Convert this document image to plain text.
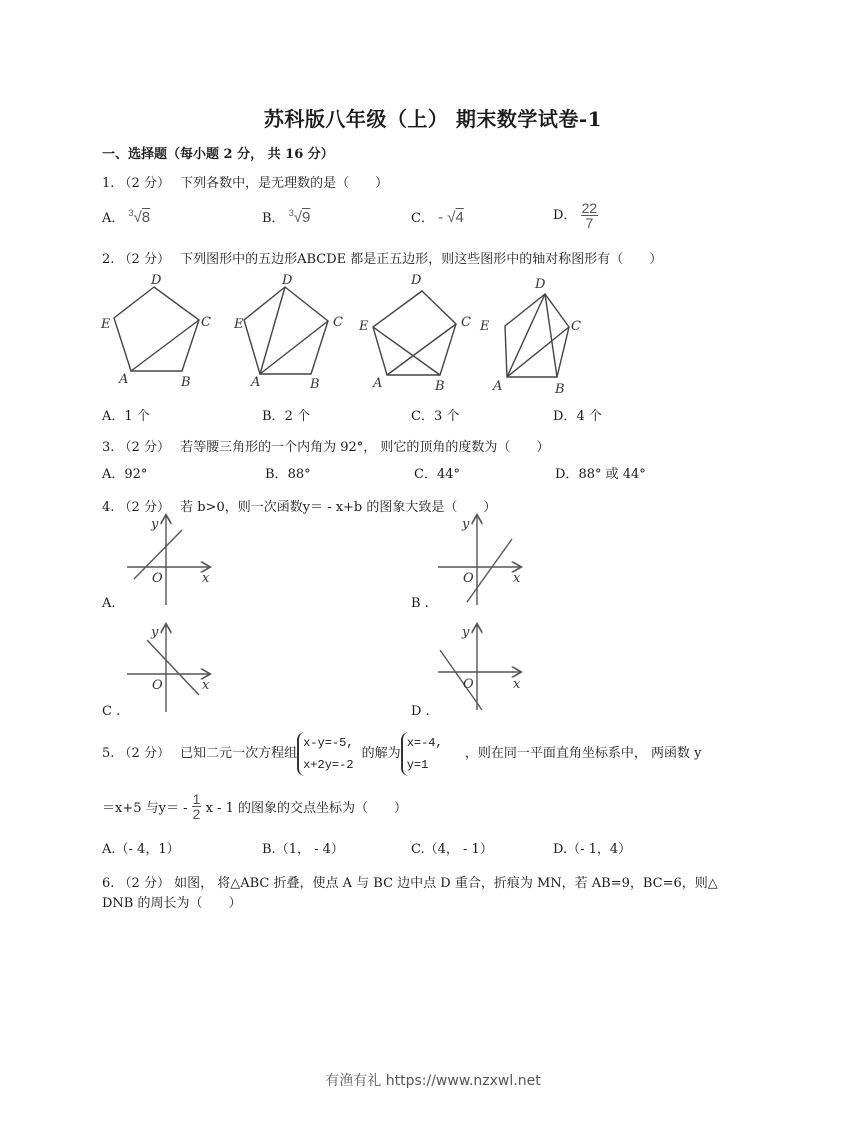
苏科版八年级（上） 期末数学试卷-1
一、选择题（每小题 2 分， 共 16 分）
1. （2 分） 下列各数中，是无理数的是（　　）
A． $^3$√8	B． $^3$√9	C． - √4	D． $\frac{22}{7}$
2. （2 分） 下列图形中的五边形ABCDE 都是正五边形，则这些图形中的轴对称图形有（　　）
D
E	C
A	B
D
E	C
A	B
D
E	C
A	B
D
E	C
A	B
A．1 个	B．2 个	C．3 个	D．4 个
3. （2 分） 若等腰三角形的一个内角为 92°， 则它的顶角的度数为（　　）
A．92°	B．88°	C．44°	D．88° 或 44°
4. （2 分） 若 b>0，则一次函数y＝ - x+b 的图象大致是（　　）
y
O	x
y
O	x
y
O	x
y
O	x
A.	B .
C .	D .
5. （2 分） 已知二元一次方程组
x-y=-5,
x+2y=-2
的解为
x=-4,
y=1
，则在同一平面直角坐标系中， 两函数 y
＝x+5 与$y= - \frac{1}{2}$ x - 1 的图象的交点坐标为（　　）
A.（- 4，1）	B.（1， - 4）	C.（4， - 1）	D.（- 1，4）
6. （2 分） 如图， 将△ABC 折叠，使点 A 与 BC 边中点 D 重合，折痕为 MN，若 AB=9，BC=6，则△
DNB 的周长为（　　）
有渔有礼 https://www.nzxwl.net
